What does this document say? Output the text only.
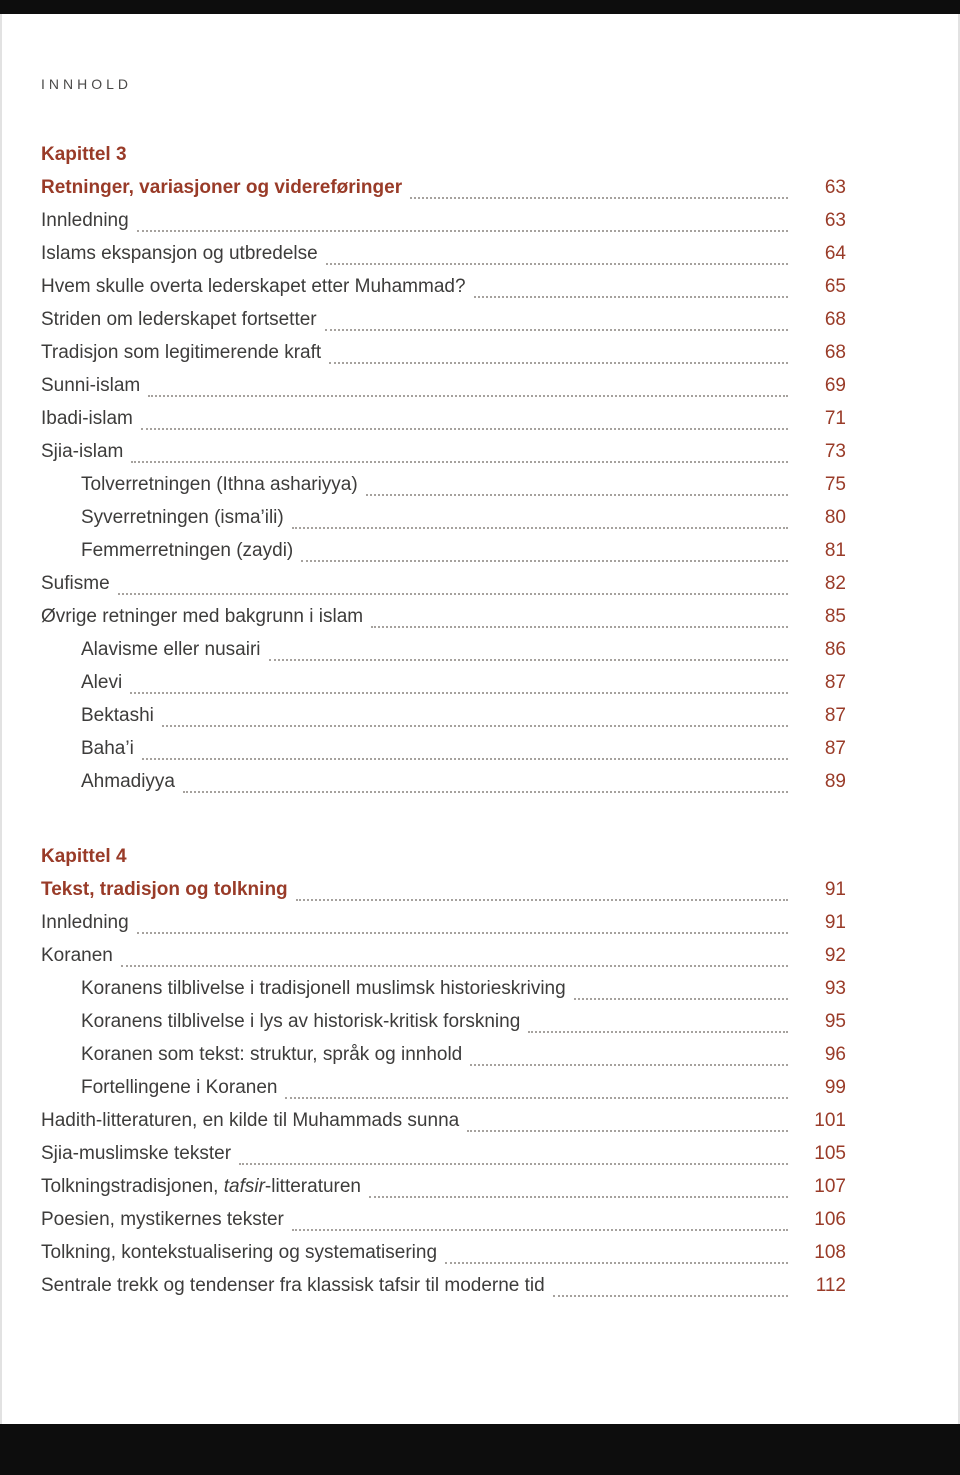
INNHOLD
Kapittel 3
Retninger, variasjoner og videreføringer	63
Innledning	63
Islams ekspansjon og utbredelse	64
Hvem skulle overta lederskapet etter Muhammad?	65
Striden om lederskapet fortsetter	68
Tradisjon som legitimerende kraft	68
Sunni-islam	69
Ibadi-islam	71
Sjia-islam	73
Tolverretningen (Ithna ashariyya)	75
Syverretningen (isma’ili)	80
Femmerretningen (zaydi)	81
Sufisme	82
Øvrige retninger med bakgrunn i islam	85
Alavisme eller nusairi	86
Alevi	87
Bektashi	87
Baha’i	87
Ahmadiyya	89
Kapittel 4
Tekst, tradisjon og tolkning	91
Innledning	91
Koranen	92
Koranens tilblivelse i tradisjonell muslimsk historieskriving	93
Koranens tilblivelse i lys av historisk-kritisk forskning	95
Koranen som tekst: struktur, språk og innhold	96
Fortellingene i Koranen	99
Hadith-litteraturen, en kilde til Muhammads sunna	101
Sjia-muslimske tekster	105
Tolkningstradisjonen, tafsir-litteraturen	107
Poesien, mystikernes tekster	106
Tolkning, kontekstualisering og systematisering	108
Sentrale trekk og tendenser fra klassisk tafsir til moderne tid	112
